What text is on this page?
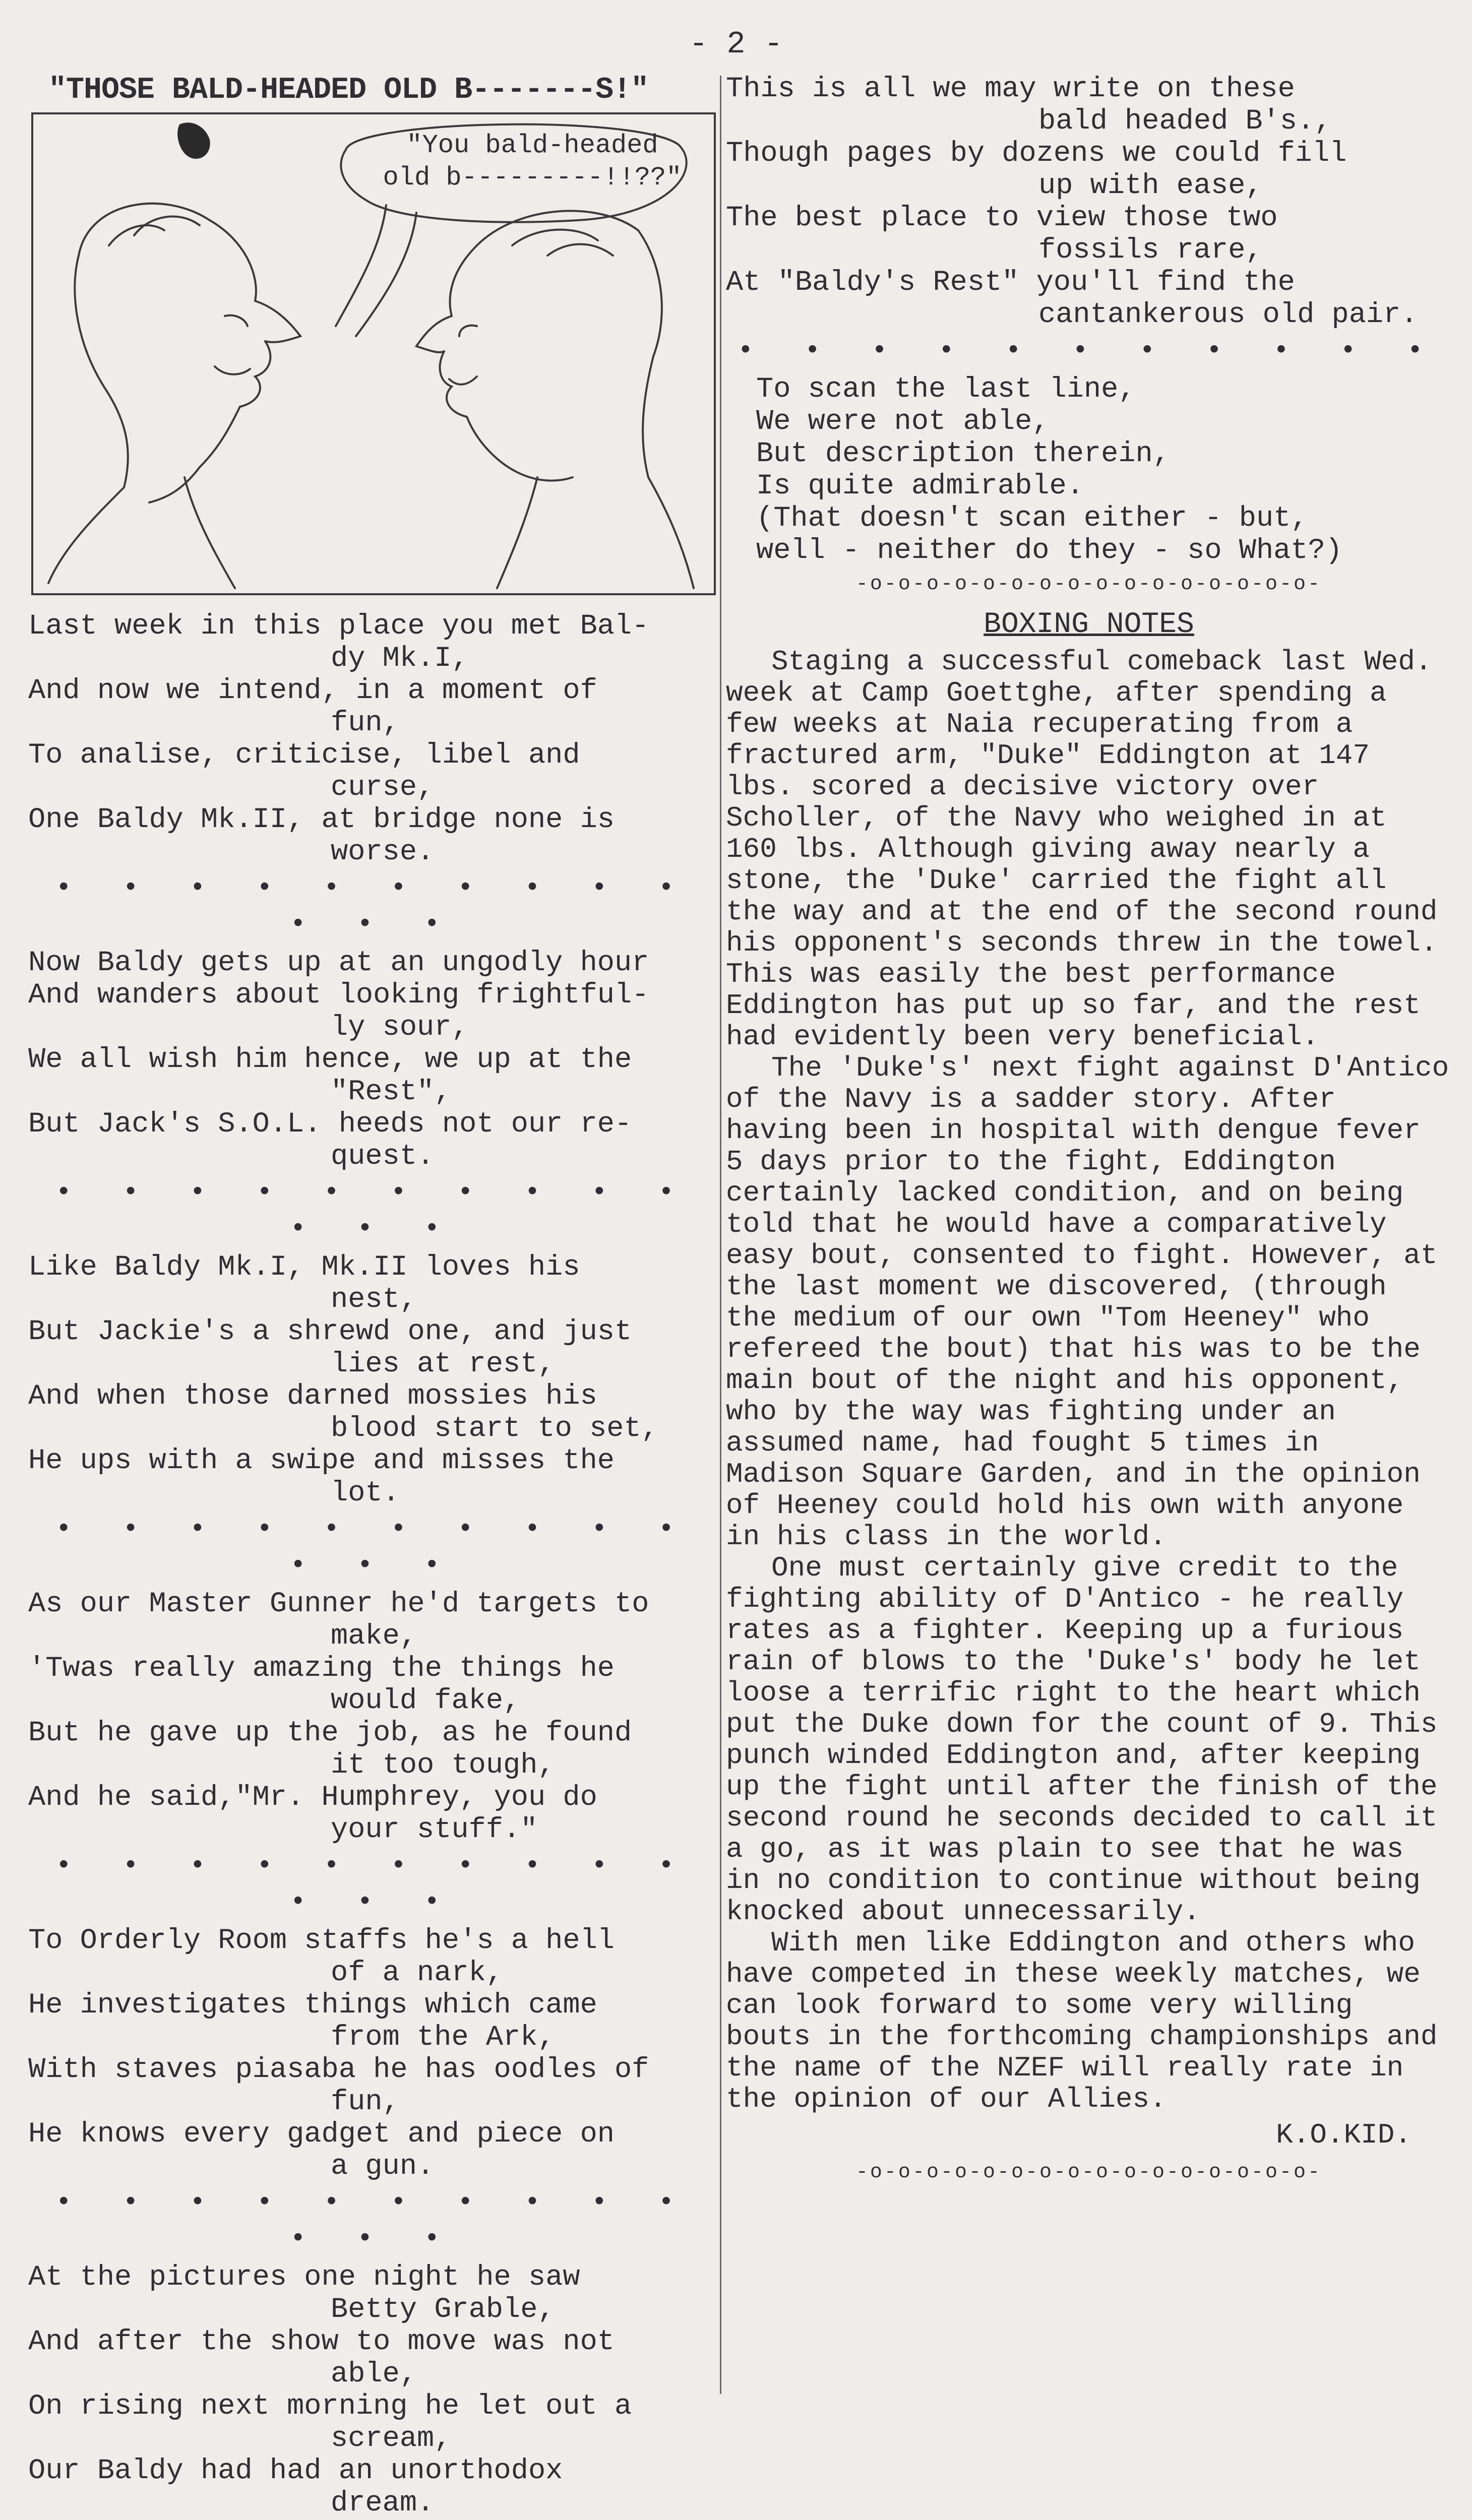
- 2 -
"THOSE BALD-HEADED OLD B-------S!"
"You bald-headed
old b---------!!??"
Last week in this place you met Bal-
dy Mk.I,
And now we intend, in a moment of
fun,
To analise, criticise, libel and
curse,
One Baldy Mk.II, at bridge none is
worse.
• • • • • • • • • • • • •
Now Baldy gets up at an ungodly hour
And wanders about looking frightful-
ly sour,
We all wish him hence, we up at the
"Rest",
But Jack's S.O.L. heeds not our re-
quest.
• • • • • • • • • • • • •
Like Baldy Mk.I, Mk.II loves his
nest,
But Jackie's a shrewd one, and just
lies at rest,
And when those darned mossies his
blood start to set,
He ups with a swipe and misses the
lot.
• • • • • • • • • • • • •
As our Master Gunner he'd targets to
make,
'Twas really amazing the things he
would fake,
But he gave up the job, as he found
it too tough,
And he said,"Mr. Humphrey, you do
your stuff."
• • • • • • • • • • • • •
To Orderly Room staffs he's a hell
of a nark,
He investigates things which came
from the Ark,
With staves piasaba he has oodles of
fun,
He knows every gadget and piece on
a gun.
• • • • • • • • • • • • •
At the pictures one night he saw
Betty Grable,
And after the show to move was not
able,
On rising next morning he let out a
scream,
Our Baldy had had an unorthodox
dream.
This is all we may write on these
bald headed B's.,
Though pages by dozens we could fill
up with ease,
The best place to view those two
fossils rare,
At "Baldy's Rest" you'll find the
cantankerous old pair.
• • • • • • • • • • •
To scan the last line,
We were not able,
But description therein,
Is quite admirable.
(That doesn't scan either - but,
well - neither do they - so What?)
-o-o-o-o-o-o-o-o-o-o-o-o-o-o-o-o-
BOXING NOTES

Staging a successful comeback last Wed. week at Camp Goettghe, after spending a few weeks at Naia recuperating from a fractured arm, "Duke" Eddington at 147 lbs. scored a decisive victory over Scholler, of the Navy who weighed in at 160 lbs. Although giving away nearly a stone, the 'Duke' carried the fight all the way and at the end of the second round his opponent's seconds threw in the towel. This was easily the best performance Eddington has put up so far, and the rest had evidently been very beneficial.

The 'Duke's' next fight against D'Antico of the Navy is a sadder story. After having been in hospital with dengue fever 5 days prior to the fight, Eddington certainly lacked condition, and on being told that he would have a comparatively easy bout, consented to fight. However, at the last moment we discovered, (through the medium of our own "Tom Heeney" who refereed the bout) that his was to be the main bout of the night and his opponent, who by the way was fighting under an assumed name, had fought 5 times in Madison Square Garden, and in the opinion of Heeney could hold his own with anyone in his class in the world.

One must certainly give credit to the fighting ability of D'Antico - he really rates as a fighter. Keeping up a furious rain of blows to the 'Duke's' body he let loose a terrific right to the heart which put the Duke down for the count of 9. This punch winded Eddington and, after keeping up the fight until after the finish of the second round he seconds decided to call it a go, as it was plain to see that he was in no condition to continue without being knocked about unnecessarily.

With men like Eddington and others who have competed in these weekly matches, we can look forward to some very willing bouts in the forthcoming championships and the name of the NZEF will really rate in the opinion of our Allies.

K.O.KID.
-o-o-o-o-o-o-o-o-o-o-o-o-o-o-o-o-
